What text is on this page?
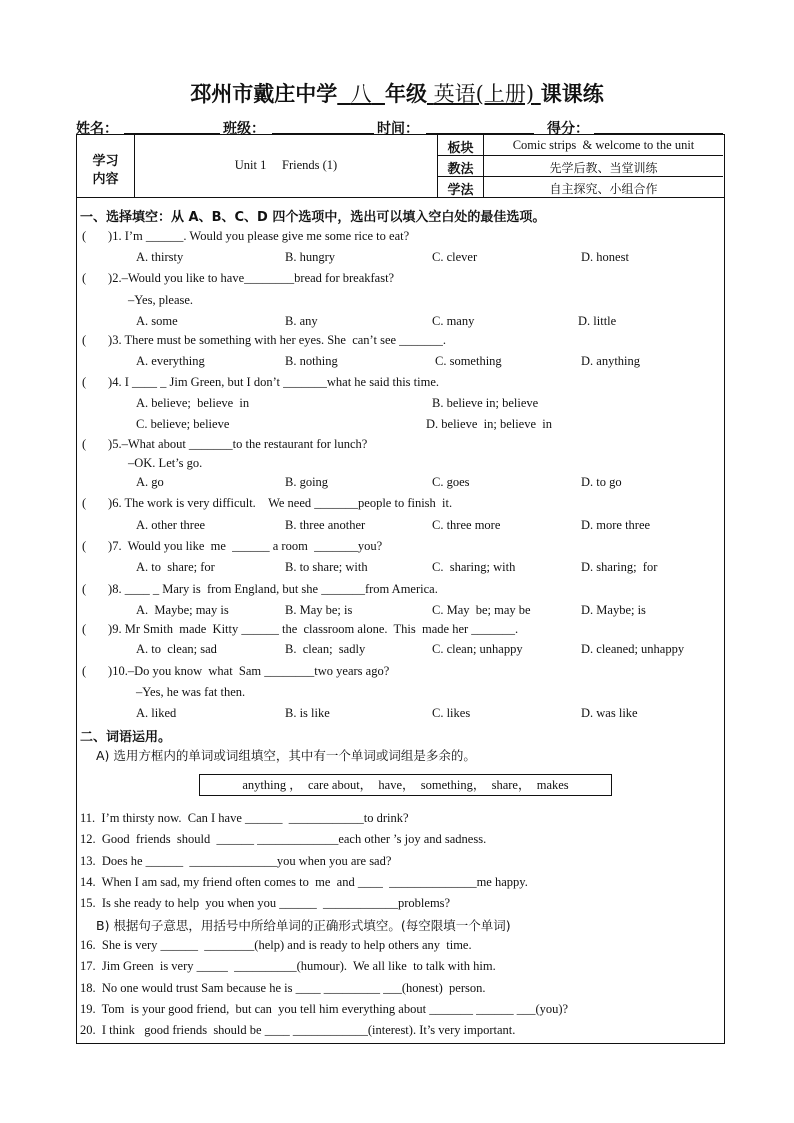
邳州市戴庄中学 八 年级 英语(上册) 课课练
姓名：	班级：	时间：	得分：
学习
内容
Unit 1     Friends (1)
板块	Comic strips  & welcome to the unit
教法	先学后教、当堂训练
学法	自主探究、小组合作
一、选择填空：从 A、B、C、D 四个选项中，选出可以填入空白处的最佳选项。
(       )1. I’m ______. Would you please give me some rice to eat?
A. thirsty	B. hungry	C. clever	D. honest
(       )2.–Would you like to have________bread for breakfast?
–Yes, please.
A. some	B. any	C. many	D. little
(       )3. There must be something with her eyes. She  can’t see _______.
A. everything	B. nothing	C. something	D. anything
(       )4. I ____ _ Jim Green, but I don’t _______what he said this time.
A. believe;  believe  in	B. believe in; believe
C. believe; believe	D. believe  in; believe  in
(       )5.–What about _______to the restaurant for lunch?
–OK. Let’s go.
A. go	B. going	C. goes	D. to go
(       )6. The work is very difficult.    We need _______people to finish  it.
A. other three	B. three another	C. three more	D. more three
(       )7.  Would you like  me  ______ a room  _______you?
A. to  share; for	B. to share; with	C.  sharing; with	D. sharing;  for
(       )8. ____ _ Mary is  from England, but she _______from America.
A.  Maybe; may is	B. May be; is	C. May  be; may be	D. Maybe; is
(       )9. Mr Smith  made  Kitty ______ the  classroom alone.  This  made her _______.
A. to  clean; sad	B.  clean;  sadly	C. clean; unhappy	D. cleaned; unhappy
(       )10.–Do you know  what  Sam ________two years ago?
–Yes, he was fat then.
A. liked	B. is like	C. likes	D. was like
二、词语运用。
A) 选用方框内的单词或词组填空，其中有一个单词或词组是多余的。
anything ，  care about，  have，  something，  share，  makes
11.  I’m thirsty now.  Can I have ______  ____________to drink?
12.  Good  friends  should  ______ _____________each other ’s joy and sadness.
13.  Does he ______  ______________you when you are sad?
14.  When I am sad, my friend often comes to  me  and ____  ______________me happy.
15.  Is she ready to help  you when you ______  ____________problems?
B) 根据句子意思，用括号中所给单词的正确形式填空。(每空限填一个单词)
16.  She is very ______  ________(help) and is ready to help others any  time.
17.  Jim Green  is very _____  __________(humour).  We all like  to talk with him.
18.  No one would trust Sam because he is ____ _________ ___(honest)  person.
19.  Tom  is your good friend,  but can  you tell him everything about _______ ______ ___(you)?
20.  I think   good friends  should be ____ ____________(interest). It’s very important.
